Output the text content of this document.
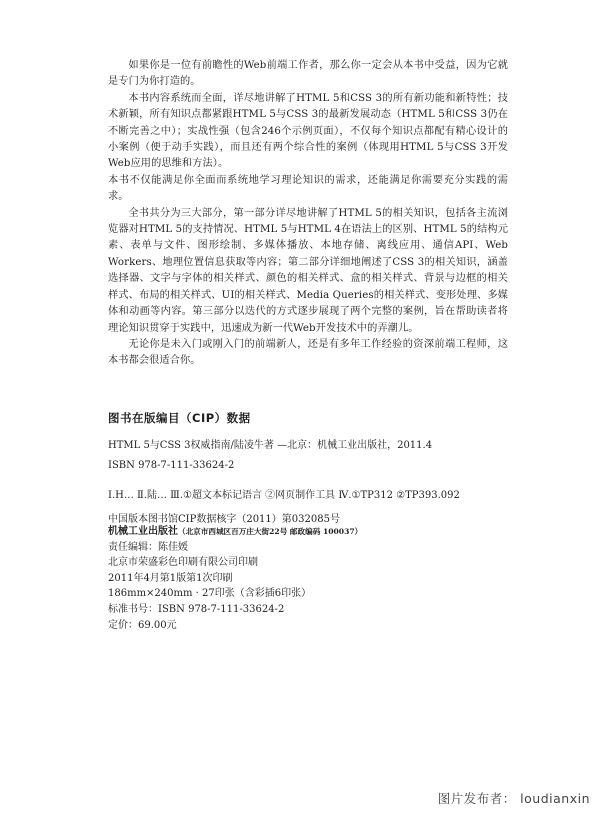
如果你是一位有前瞻性的Web前端工作者，那么你一定会从本书中受益，因为它就是专门为你打造的。

本书内容系统而全面，详尽地讲解了HTML 5和CSS 3的所有新功能和新特性；技术新颖，所有知识点都紧跟HTML 5与CSS 3的最新发展动态（HTML 5和CSS 3仍在不断完善之中）；实战性强（包含246个示例页面），不仅每个知识点都配有精心设计的小案例（便于动手实践），而且还有两个综合性的案例（体现用HTML 5与CSS 3开发Web应用的思维和方法）。

本书不仅能满足你全面而系统地学习理论知识的需求，还能满足你需要充分实践的需求。

全书共分为三大部分，第一部分详尽地讲解了HTML 5的相关知识，包括各主流浏览器对HTML 5的支持情况、HTML 5与HTML 4在语法上的区别、HTML 5的结构元素、表单与文件、图形绘制、多媒体播放、本地存储、离线应用、通信API、Web Workers、地理位置信息获取等内容；第二部分详细地阐述了CSS 3的相关知识，涵盖选择器、文字与字体的相关样式、颜色的相关样式、盒的相关样式、背景与边框的相关样式、布局的相关样式、UI的相关样式、Media Queries的相关样式、变形处理、多媒体和动画等内容。第三部分以迭代的方式逐步展现了两个完整的案例，旨在帮助读者将理论知识贯穿于实践中，迅速成为新一代Web开发技术中的弄潮儿。

无论你是未入门或刚入门的前端新人，还是有多年工作经验的资深前端工程师，这本书都会很适合你。

图书在版编目（CIP）数据
HTML 5与CSS 3权威指南/陆凌牛著 —北京：机械工业出版社，2011.4
ISBN 978-7-111-33624-2
Ⅰ.H… Ⅱ.陆… Ⅲ.①超文本标记语言 ②网页制作工具 Ⅳ.①TP312 ②TP393.092
中国版本图书馆CIP数据核字（2011）第032085号
机械工业出版社（北京市西城区百万庄大街22号 邮政编码 100037）
责任编辑：陈佳媛
北京市荣盛彩色印刷有限公司印刷
2011年4月第1版第1次印刷
186mm×240mm · 27印张（含彩插6印张）
标准书号：ISBN 978-7-111-33624-2
定价：69.00元
图片发布者： loudianxin
